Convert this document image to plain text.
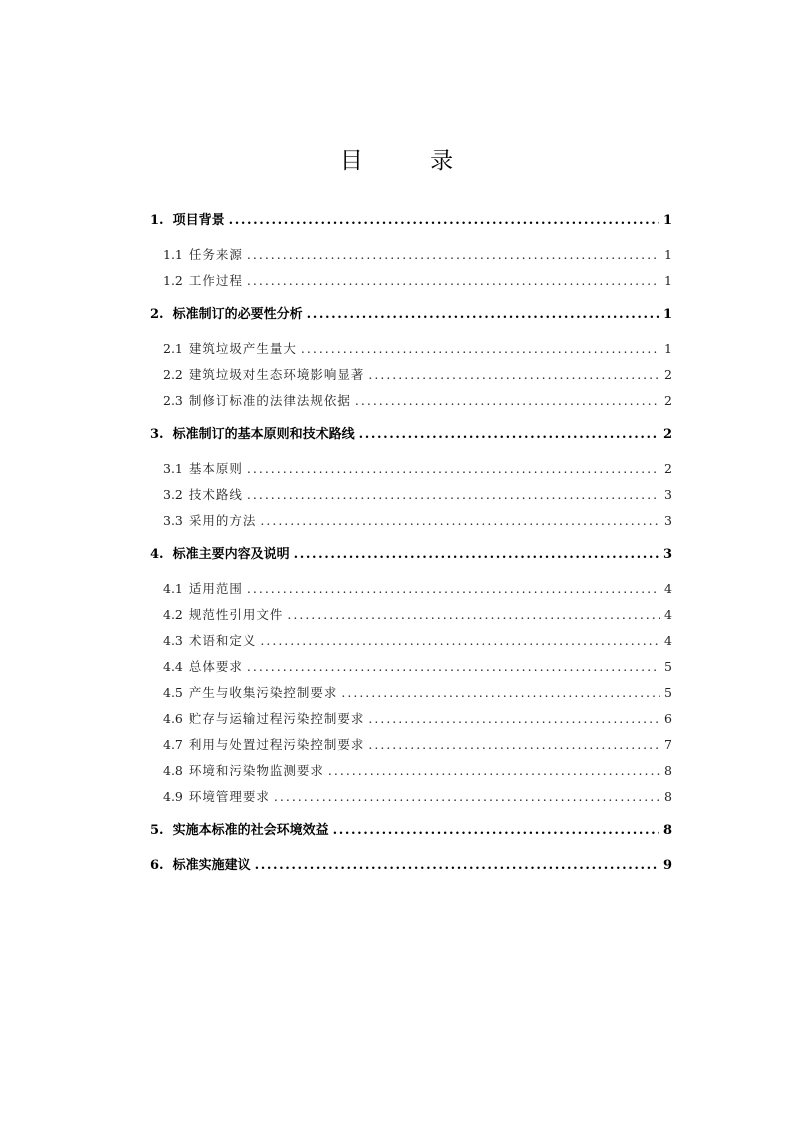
目 录
1. 项目背景 .....	1
1.1 任务来源 .....	1
1.2 工作过程 .....	1
2. 标准制订的必要性分析 .....	1
2.1 建筑垃圾产生量大 .....	1
2.2 建筑垃圾对生态环境影响显著 .....	2
2.3 制修订标准的法律法规依据 .....	2
3. 标准制订的基本原则和技术路线 .....	2
3.1 基本原则 .....	2
3.2 技术路线 .....	3
3.3 采用的方法 .....	3
4. 标准主要内容及说明 .....	3
4.1 适用范围 .....	4
4.2 规范性引用文件 .....	4
4.3 术语和定义 .....	4
4.4 总体要求 .....	5
4.5 产生与收集污染控制要求 .....	5
4.6 贮存与运输过程污染控制要求 .....	6
4.7 利用与处置过程污染控制要求 .....	7
4.8 环境和污染物监测要求 .....	8
4.9 环境管理要求 .....	8
5. 实施本标准的社会环境效益 .....	8
6. 标准实施建议 .....	9
